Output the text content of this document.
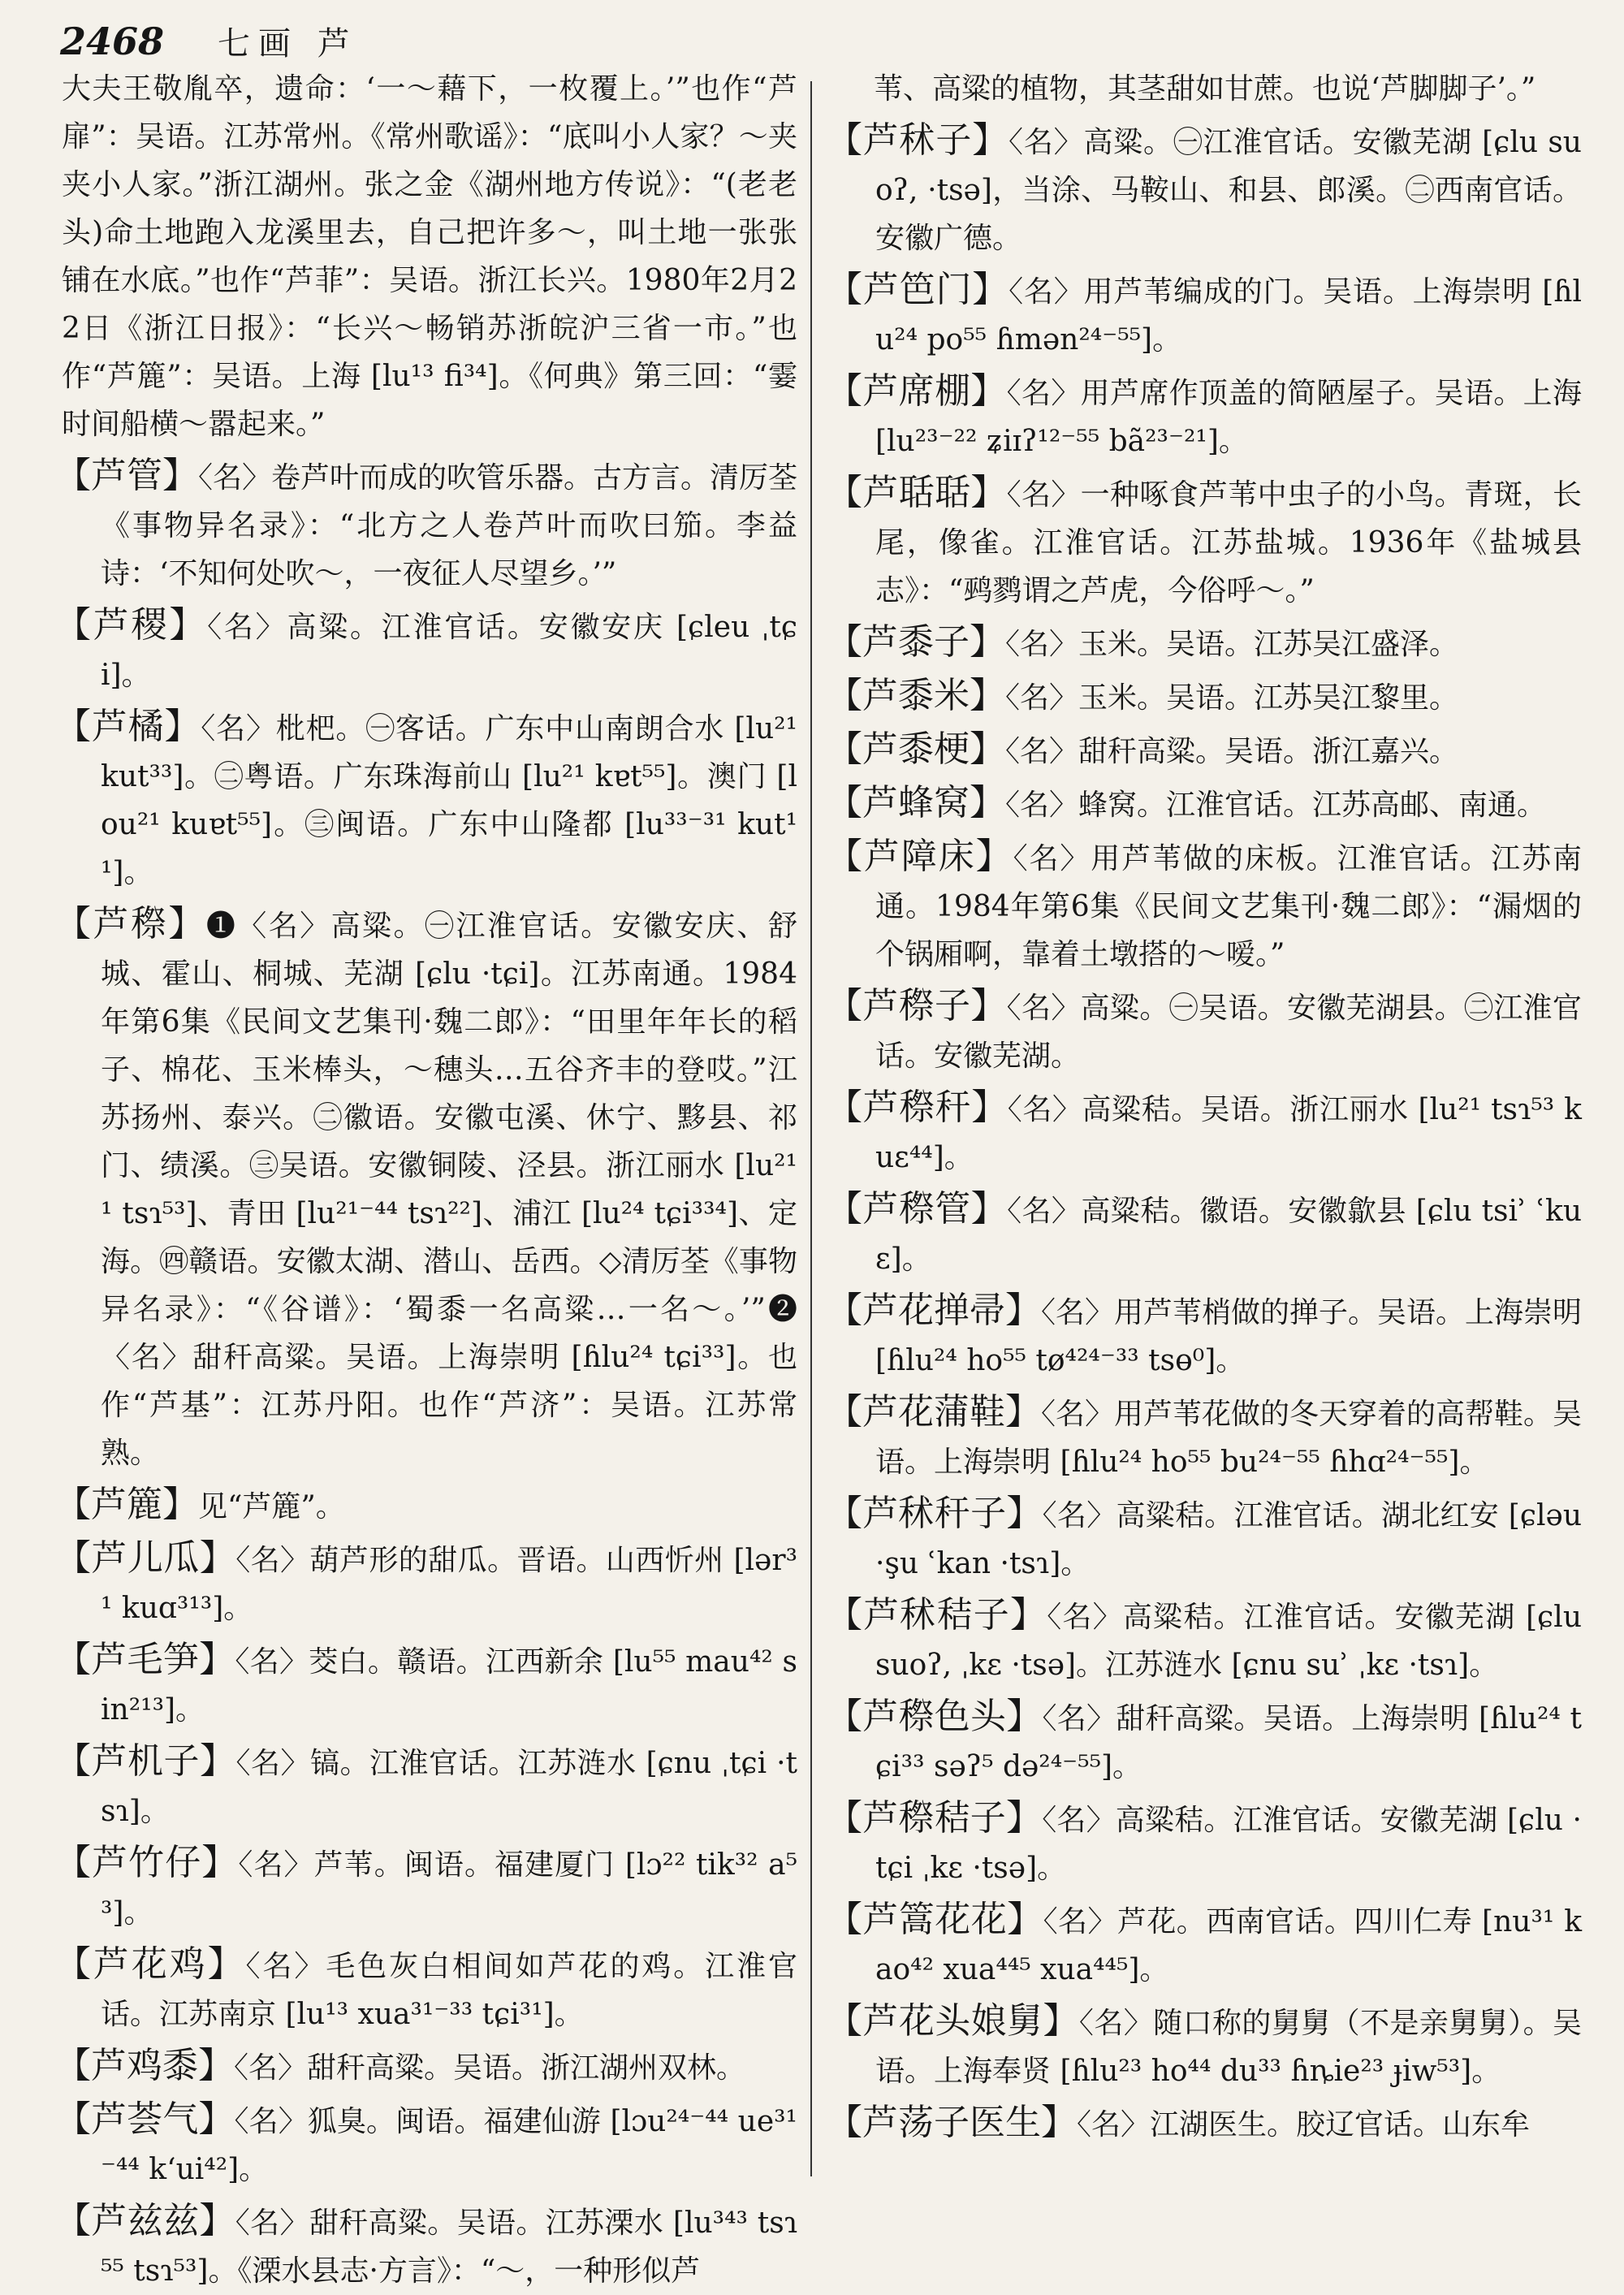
2468 七画 芦

大夫王敬胤卒，遗命：‘一～藉下，一枚覆上。’”也作“芦扉”：吴语。江苏常州。《常州歌谣》：“底叫小人家？～夹夹小人家。”浙江湖州。张之金《湖州地方传说》：“(老老头)命土地跑入龙溪里去，自己把许多～，叫土地一张张铺在水底。”也作“芦菲”：吴语。浙江长兴。1980年2月22日《浙江日报》：“长兴～畅销苏浙皖沪三省一市。”也作“芦簏”：吴语。上海 [lu¹³ fi³⁴]。《何典》第三回：“霎时间船横～嚣起来。”

【芦管】〈名〉卷芦叶而成的吹管乐器。古方言。清厉荃《事物异名录》：“北方之人卷芦叶而吹曰笳。李益诗：‘不知何处吹～，一夜征人尽望乡。’”

【芦稷】〈名〉高粱。江淮官话。安徽安庆 [ɕleu ˌtɕi]。

【芦橘】〈名〉枇杷。㊀客话。广东中山南朗合水 [lu²¹ kut³³]。㊁粤语。广东珠海前山 [lu²¹ kɐt⁵⁵]。澳门 [lou²¹ kuɐt⁵⁵]。㊂闽语。广东中山隆都 [lu³³⁻³¹ kut¹¹]。

【芦穄】❶〈名〉高粱。㊀江淮官话。安徽安庆、舒城、霍山、桐城、芜湖 [ɕlu ·tɕi]。江苏南通。1984年第6集《民间文艺集刊·魏二郎》：“田里年年长的稻子、棉花、玉米棒头，～穗头…五谷齐丰的登哎。”江苏扬州、泰兴。㊁徽语。安徽屯溪、休宁、黟县、祁门、绩溪。㊂吴语。安徽铜陵、泾县。浙江丽水 [lu²¹¹ tsɿ⁵³]、青田 [lu²¹⁻⁴⁴ tsɿ²²]、浦江 [lu²⁴ tɕi³³⁴]、定海。㊃赣语。安徽太湖、潜山、岳西。◇清厉荃《事物异名录》：“《谷谱》：‘蜀黍一名高粱…一名～。’”❷〈名〉甜秆高粱。吴语。上海崇明 [ɦlu²⁴ tɕi³³]。也作“芦基”：江苏丹阳。也作“芦济”：吴语。江苏常熟。

【芦簏】见“芦簏”。

【芦儿瓜】〈名〉葫芦形的甜瓜。晋语。山西忻州 [lər³¹ kuɑ³¹³]。

【芦毛笋】〈名〉茭白。赣语。江西新余 [lu⁵⁵ mau⁴² sin²¹³]。

【芦机子】〈名〉镐。江淮官话。江苏涟水 [ɕnu ˌtɕi ·tsɿ]。

【芦竹仔】〈名〉芦苇。闽语。福建厦门 [lɔ²² tik³² a⁵³]。

【芦花鸡】〈名〉毛色灰白相间如芦花的鸡。江淮官话。江苏南京 [lu¹³ xua³¹⁻³³ tɕi³¹]。

【芦鸡黍】〈名〉甜秆高粱。吴语。浙江湖州双林。

【芦荟气】〈名〉狐臭。闽语。福建仙游 [lɔu²⁴⁻⁴⁴ ue³¹⁻⁴⁴ kʻui⁴²]。

【芦兹兹】〈名〉甜秆高粱。吴语。江苏溧水 [lu³⁴³ tsɿ⁵⁵ tsɿ⁵³]。《溧水县志·方言》：“～，一种形似芦

苇、高粱的植物，其茎甜如甘蔗。也说‘芦脚脚子’。”

【芦秫子】〈名〉高粱。㊀江淮官话。安徽芜湖 [ɕlu suoʔ, ·tsə]，当涂、马鞍山、和县、郎溪。㊁西南官话。安徽广德。

【芦笆门】〈名〉用芦苇编成的门。吴语。上海崇明 [ɦlu²⁴ po⁵⁵ ɦmən²⁴⁻⁵⁵]。

【芦席棚】〈名〉用芦席作顶盖的简陋屋子。吴语。上海 [lu²³⁻²² ʑiɪʔ¹²⁻⁵⁵ bã²³⁻²¹]。

【芦聒聒】〈名〉一种啄食芦苇中虫子的小鸟。青斑，长尾，像雀。江淮官话。江苏盐城。1936年《盐城县志》：“鹀鹨谓之芦虎，今俗呼～。”

【芦黍子】〈名〉玉米。吴语。江苏吴江盛泽。

【芦黍米】〈名〉玉米。吴语。江苏吴江黎里。

【芦黍梗】〈名〉甜秆高粱。吴语。浙江嘉兴。

【芦蜂窝】〈名〉蜂窝。江淮官话。江苏高邮、南通。

【芦障床】〈名〉用芦苇做的床板。江淮官话。江苏南通。1984年第6集《民间文艺集刊·魏二郎》：“漏烟的个锅厢啊，靠着土墩搭的～嗳。”

【芦穄子】〈名〉高粱。㊀吴语。安徽芜湖县。㊁江淮官话。安徽芜湖。

【芦穄秆】〈名〉高粱秸。吴语。浙江丽水 [lu²¹ tsɿ⁵³ kuɛ⁴⁴]。

【芦穄管】〈名〉高粱秸。徽语。安徽歙县 [ɕlu tsiʾ ʿkuɛ]。

【芦花掸帚】〈名〉用芦苇梢做的掸子。吴语。上海崇明 [ɦlu²⁴ ho⁵⁵ tø⁴²⁴⁻³³ tsɵ⁰]。

【芦花蒲鞋】〈名〉用芦苇花做的冬天穿着的高帮鞋。吴语。上海崇明 [ɦlu²⁴ ho⁵⁵ bu²⁴⁻⁵⁵ ɦhɑ²⁴⁻⁵⁵]。

【芦秫秆子】〈名〉高粱秸。江淮官话。湖北红安 [ɕləu ·şu ʿkan ·tsɿ]。

【芦秫秸子】〈名〉高粱秸。江淮官话。安徽芜湖 [ɕlu suoʔ, ˌkɛ ·tsə]。江苏涟水 [ɕnu suʾ ˌkɛ ·tsɿ]。

【芦穄色头】〈名〉甜秆高粱。吴语。上海崇明 [ɦlu²⁴ tɕi³³ səʔ⁵ də²⁴⁻⁵⁵]。

【芦穄秸子】〈名〉高粱秸。江淮官话。安徽芜湖 [ɕlu ·tɕi ˌkɛ ·tsə]。

【芦篙花花】〈名〉芦花。西南官话。四川仁寿 [nu³¹ kao⁴² xua⁴⁴⁵ xua⁴⁴⁵]。

【芦花头娘舅】〈名〉随口称的舅舅（不是亲舅舅）。吴语。上海奉贤 [ɦlu²³ ho⁴⁴ du³³ ɦȵie²³ ɟiw⁵³]。

【芦荡子医生】〈名〉江湖医生。胶辽官话。山东牟
